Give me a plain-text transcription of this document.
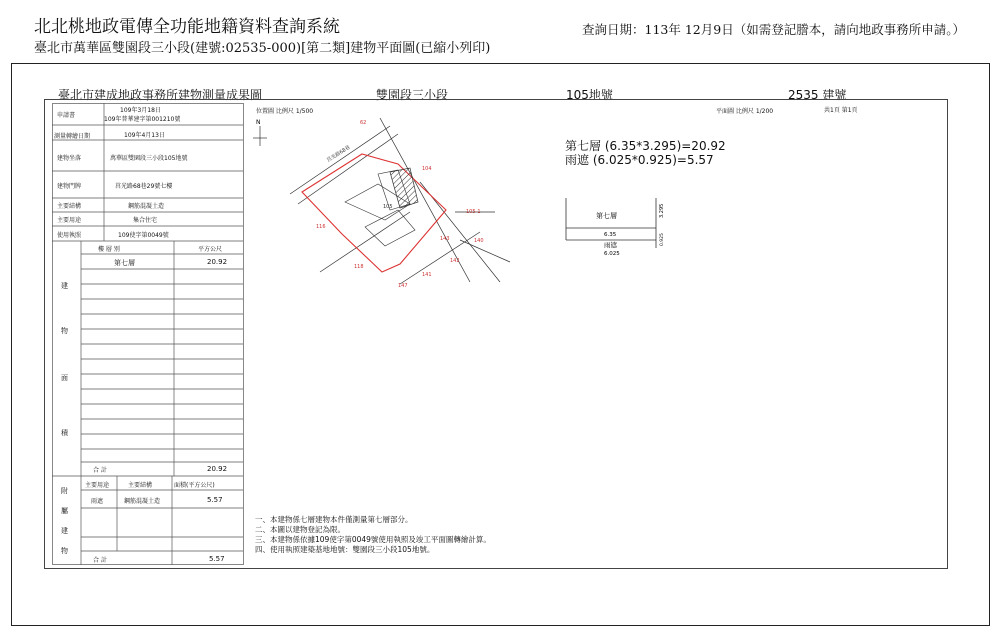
北北桃地政電傳全功能地籍資料查詢系統
臺北市萬華區雙園段三小段(建號:02535-000)[第二類]建物平面圖(已縮小列印)
查詢日期：113年 12月9日（如需登記謄本，請向地政事務所申請。）
臺北市建成地政事務所建物測量成果圖	雙園段三小段	105地號	2535 建號
申請書
109年3月18日
109年普華建字第001210號
測量轉繪日期	109年4月13日
建物坐落	萬華區雙園段三小段105地號
建物門牌	莒光路68巷29號七樓
主要結構	鋼筋混凝土造
主要用途	集合住宅
使用執照	109使字第0049號
樓 層 別	平方公尺
第七層	20.92
建
物
面
積
合 計	20.92
附
屬
建
物
主要用途	主要結構	面積(平方公尺)
雨遮	鋼筋混凝土造	5.57
合 計	5.57
位置圖 比例尺 1/500	平面圖 比例尺 1/200	共1頁 第1頁
N
莒光路68巷
62
104
105
105-1
116
118
140
141
142
143
147
第七層 (6.35*3.295)=20.92
雨遮 (6.025*0.925)=5.57
第七層
6.35
3.295
雨遮	0.925
6.025
一、本建物係七層建物本件僅測量第七層部分。
二、本圖以建物登記為限。
三、本建物係依據109使字第0049號使用執照及竣工平面圖轉繪計算。
四、使用執照建築基地地號：雙園段三小段105地號。
